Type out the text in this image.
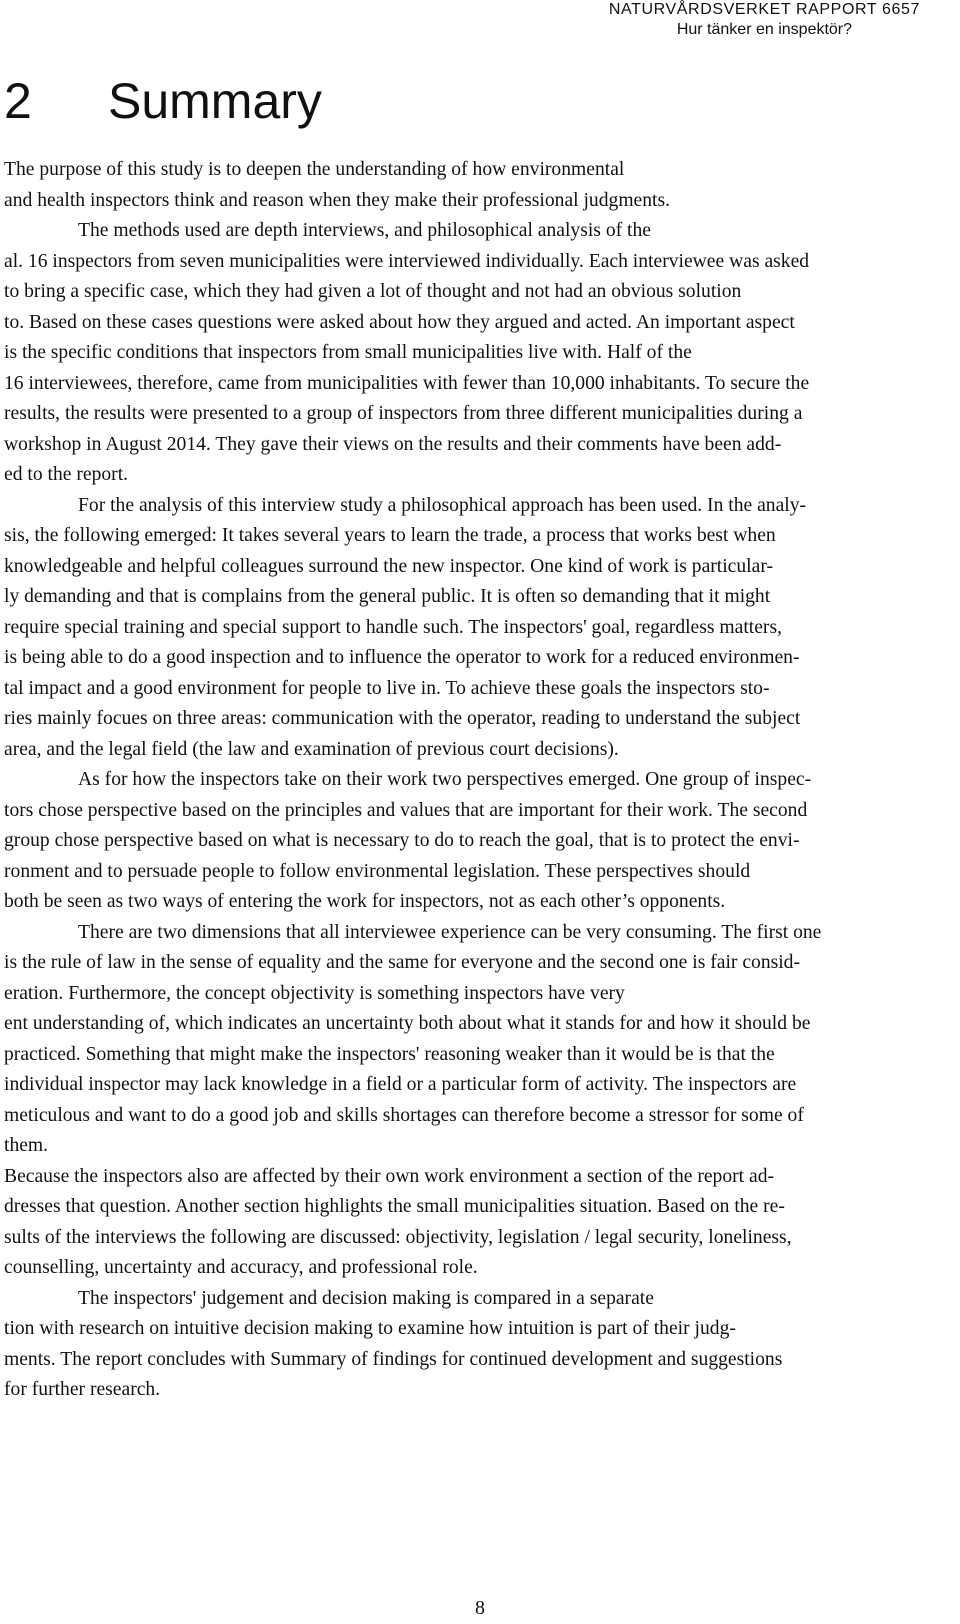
NATURVÅRDSVERKET RAPPORT 6657
Hur tänker en inspektör?
2 Summary
The purpose of this study is to deepen the understanding of how environmental
and health inspectors think and reason when they make their professional judgments.
The methods used are depth interviews, and philosophical analysis of the
al. 16 inspectors from seven municipalities were interviewed individually. Each interviewee was asked
to bring a specific case, which they had given a lot of thought and not had an obvious solution
to. Based on these cases questions were asked about how they argued and acted. An important aspect
is the specific conditions that inspectors from small municipalities live with. Half of the
16 interviewees, therefore, came from municipalities with fewer than 10,000 inhabitants. To secure the
results, the results were presented to a group of inspectors from three different municipalities during a
workshop in August 2014. They gave their views on the results and their comments have been add-
ed to the report.
For the analysis of this interview study a philosophical approach has been used. In the analy-
sis, the following emerged: It takes several years to learn the trade, a process that works best when
knowledgeable and helpful colleagues surround the new inspector. One kind of work is particular-
ly demanding and that is complains from the general public. It is often so demanding that it might
require special training and special support to handle such. The inspectors' goal, regardless matters,
is being able to do a good inspection and to influence the operator to work for a reduced environmen-
tal impact and a good environment for people to live in. To achieve these goals the inspectors sto-
ries mainly focues on three areas: communication with the operator, reading to understand the subject
area, and the legal field (the law and examination of previous court decisions).
As for how the inspectors take on their work two perspectives emerged. One group of inspec-
tors chose perspective based on the principles and values that are important for their work. The second
group chose perspective based on what is necessary to do to reach the goal, that is to protect the envi-
ronment and to persuade people to follow environmental legislation. These perspectives should
both be seen as two ways of entering the work for inspectors, not as each other’s opponents.
There are two dimensions that all interviewee experience can be very consuming. The first one
is the rule of law in the sense of equality and the same for everyone and the second one is fair consid-
eration. Furthermore, the concept objectivity is something inspectors have very
ent understanding of, which indicates an uncertainty both about what it stands for and how it should be
practiced. Something that might make the inspectors' reasoning weaker than it would be is that the
individual inspector may lack knowledge in a field or a particular form of activity. The inspectors are
meticulous and want to do a good job and skills shortages can therefore become a stressor for some of
them.
Because the inspectors also are affected by their own work environment a section of the report ad-
dresses that question. Another section highlights the small municipalities situation. Based on the re-
sults of the interviews the following are discussed: objectivity, legislation / legal security, loneliness,
counselling, uncertainty and accuracy, and professional role.
The inspectors' judgement and decision making is compared in a separate
tion with research on intuitive decision making to examine how intuition is part of their judg-
ments. The report concludes with Summary of findings for continued development and suggestions
for further research.
8
